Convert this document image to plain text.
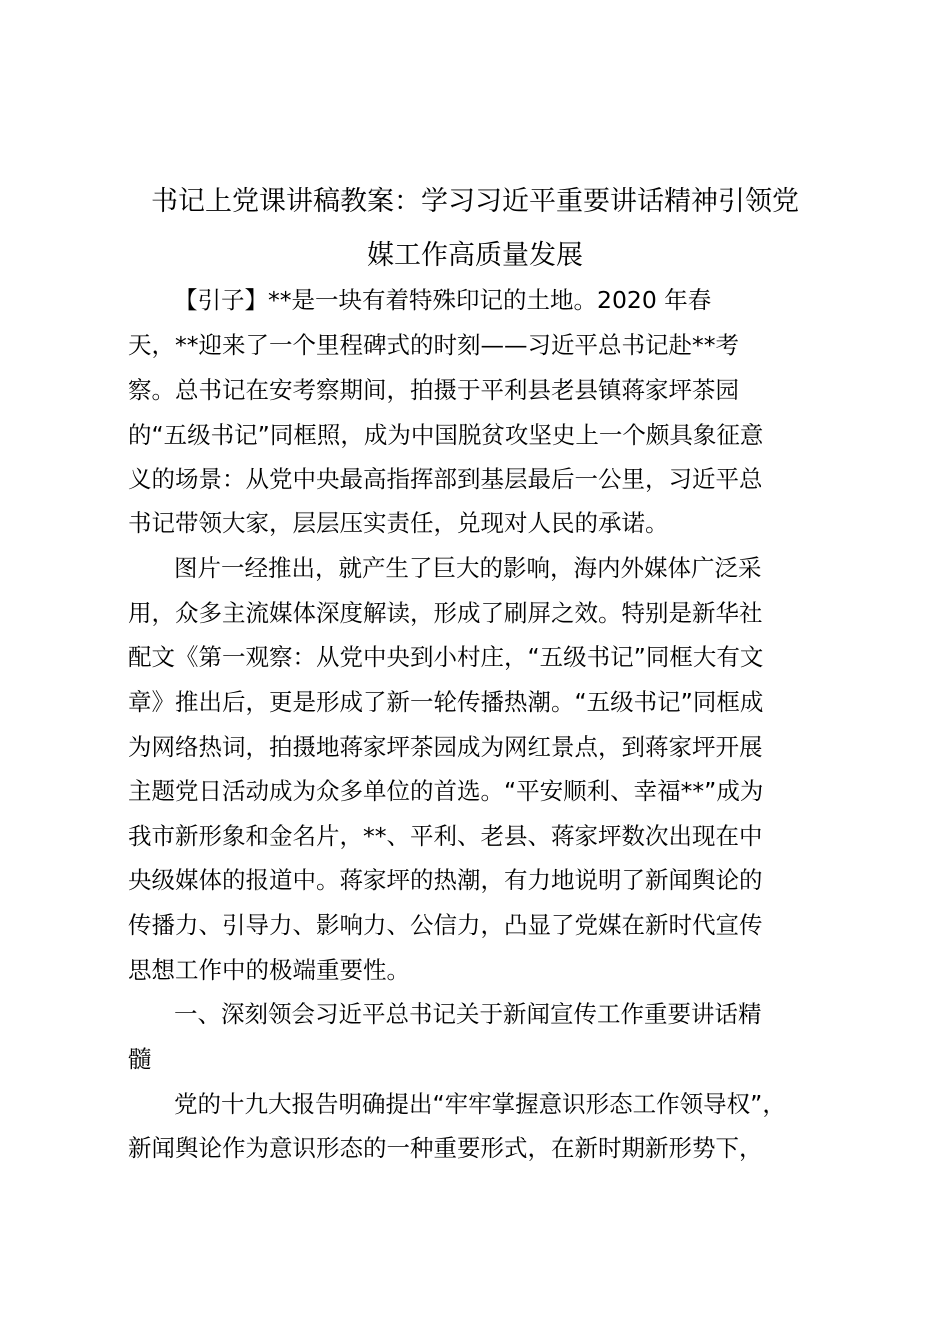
书记上党课讲稿教案：学习习近平重要讲话精神引领党
媒工作高质量发展

【引子】**是一块有着特殊印记的土地。2020 年春

天，**迎来了一个里程碑式的时刻——习近平总书记赴**考

察。总书记在安考察期间，拍摄于平利县老县镇蒋家坪茶园

的“五级书记”同框照，成为中国脱贫攻坚史上一个颇具象征意

义的场景：从党中央最高指挥部到基层最后一公里，习近平总

书记带领大家，层层压实责任，兑现对人民的承诺。

图片一经推出，就产生了巨大的影响，海内外媒体广泛采

用，众多主流媒体深度解读，形成了刷屏之效。特别是新华社

配文《第一观察：从党中央到小村庄，“五级书记”同框大有文

章》推出后，更是形成了新一轮传播热潮。“五级书记”同框成

为网络热词，拍摄地蒋家坪茶园成为网红景点，到蒋家坪开展

主题党日活动成为众多单位的首选。“平安顺利、幸福**”成为

我市新形象和金名片，**、平利、老县、蒋家坪数次出现在中

央级媒体的报道中。蒋家坪的热潮，有力地说明了新闻舆论的

传播力、引导力、影响力、公信力，凸显了党媒在新时代宣传

思想工作中的极端重要性。

一、深刻领会习近平总书记关于新闻宣传工作重要讲话精

髓

党的十九大报告明确提出“牢牢掌握意识形态工作领导权”，

新闻舆论作为意识形态的一种重要形式，在新时期新形势下，
